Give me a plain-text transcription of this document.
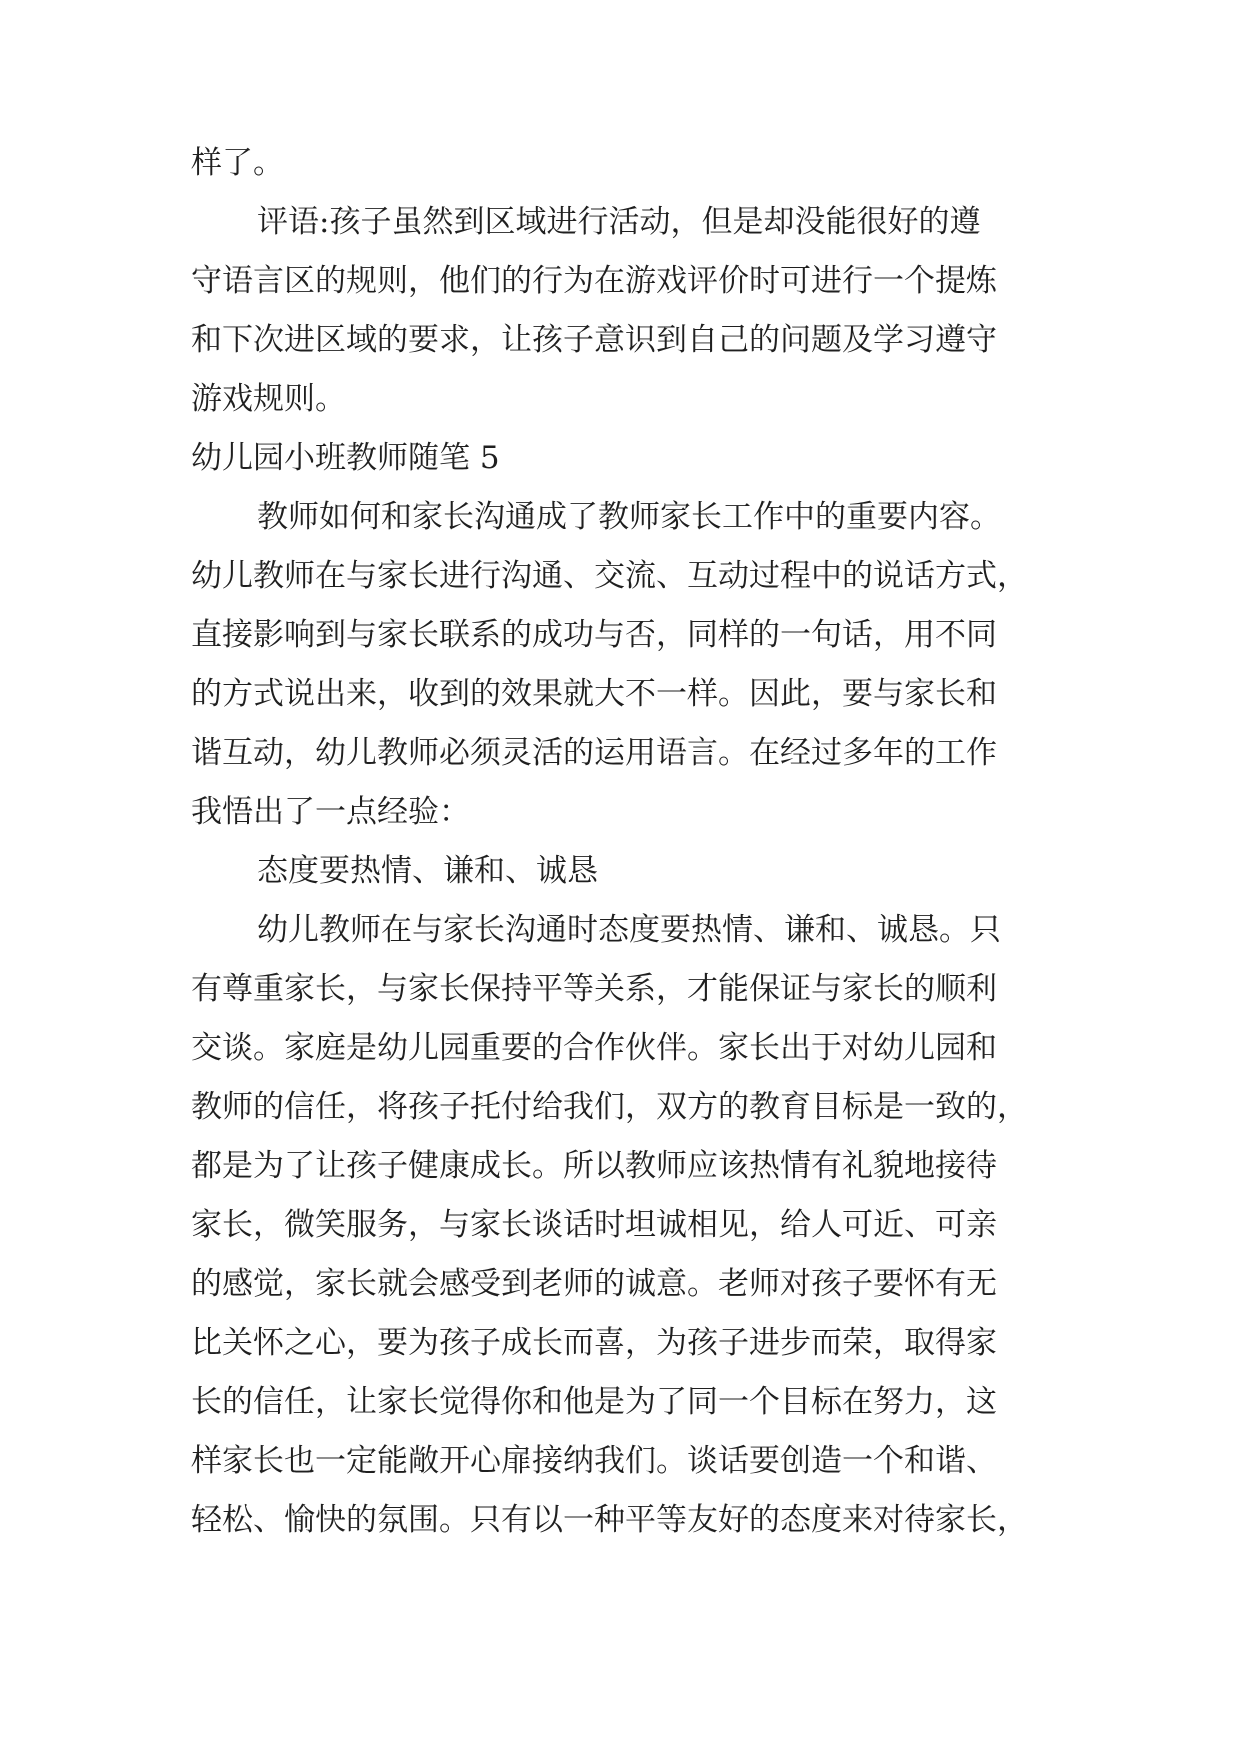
样了。
评语:孩子虽然到区域进行活动，但是却没能很好的遵
守语言区的规则，他们的行为在游戏评价时可进行一个提炼
和下次进区域的要求，让孩子意识到自己的问题及学习遵守
游戏规则。
幼儿园小班教师随笔 5
教师如何和家长沟通成了教师家长工作中的重要内容。
幼儿教师在与家长进行沟通、交流、互动过程中的说话方式，
直接影响到与家长联系的成功与否，同样的一句话，用不同
的方式说出来，收到的效果就大不一样。因此，要与家长和
谐互动，幼儿教师必须灵活的运用语言。在经过多年的工作
我悟出了一点经验：
态度要热情、谦和、诚恳
幼儿教师在与家长沟通时态度要热情、谦和、诚恳。只
有尊重家长，与家长保持平等关系，才能保证与家长的顺利
交谈。家庭是幼儿园重要的合作伙伴。家长出于对幼儿园和
教师的信任，将孩子托付给我们，双方的教育目标是一致的，
都是为了让孩子健康成长。所以教师应该热情有礼貌地接待
家长，微笑服务，与家长谈话时坦诚相见，给人可近、可亲
的感觉，家长就会感受到老师的诚意。老师对孩子要怀有无
比关怀之心，要为孩子成长而喜，为孩子进步而荣，取得家
长的信任，让家长觉得你和他是为了同一个目标在努力，这
样家长也一定能敞开心扉接纳我们。谈话要创造一个和谐、
轻松、愉快的氛围。只有以一种平等友好的态度来对待家长，
